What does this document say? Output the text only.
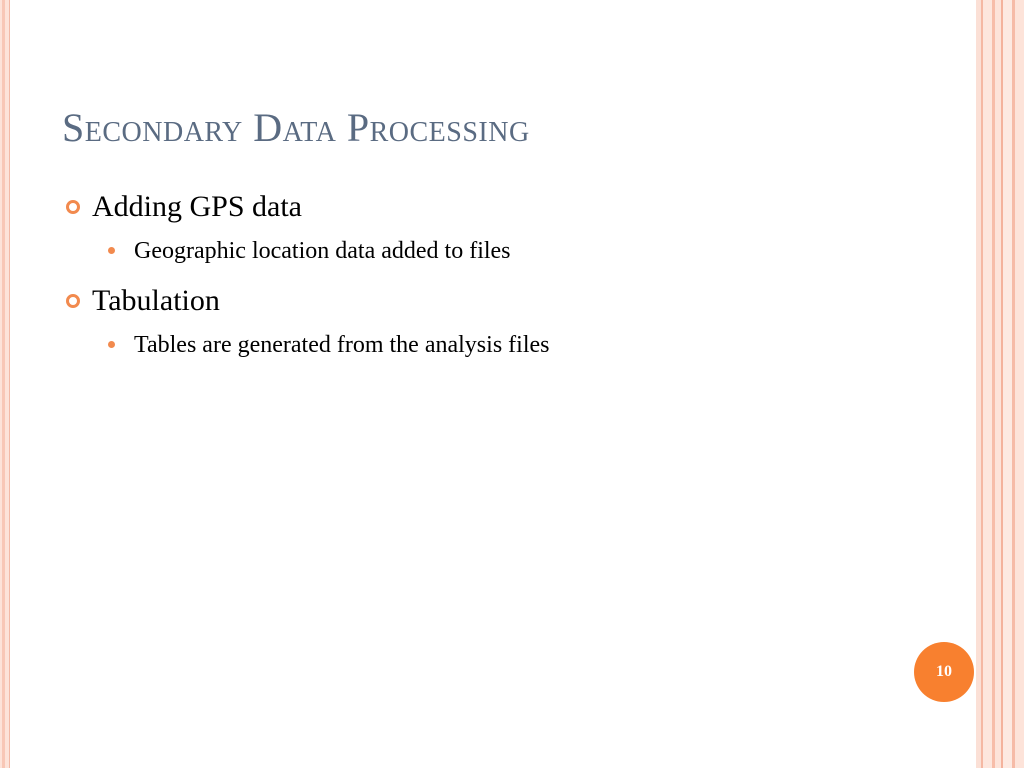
Secondary Data Processing
Adding GPS data
Geographic location data added to files
Tabulation
Tables are generated from the analysis files
10
